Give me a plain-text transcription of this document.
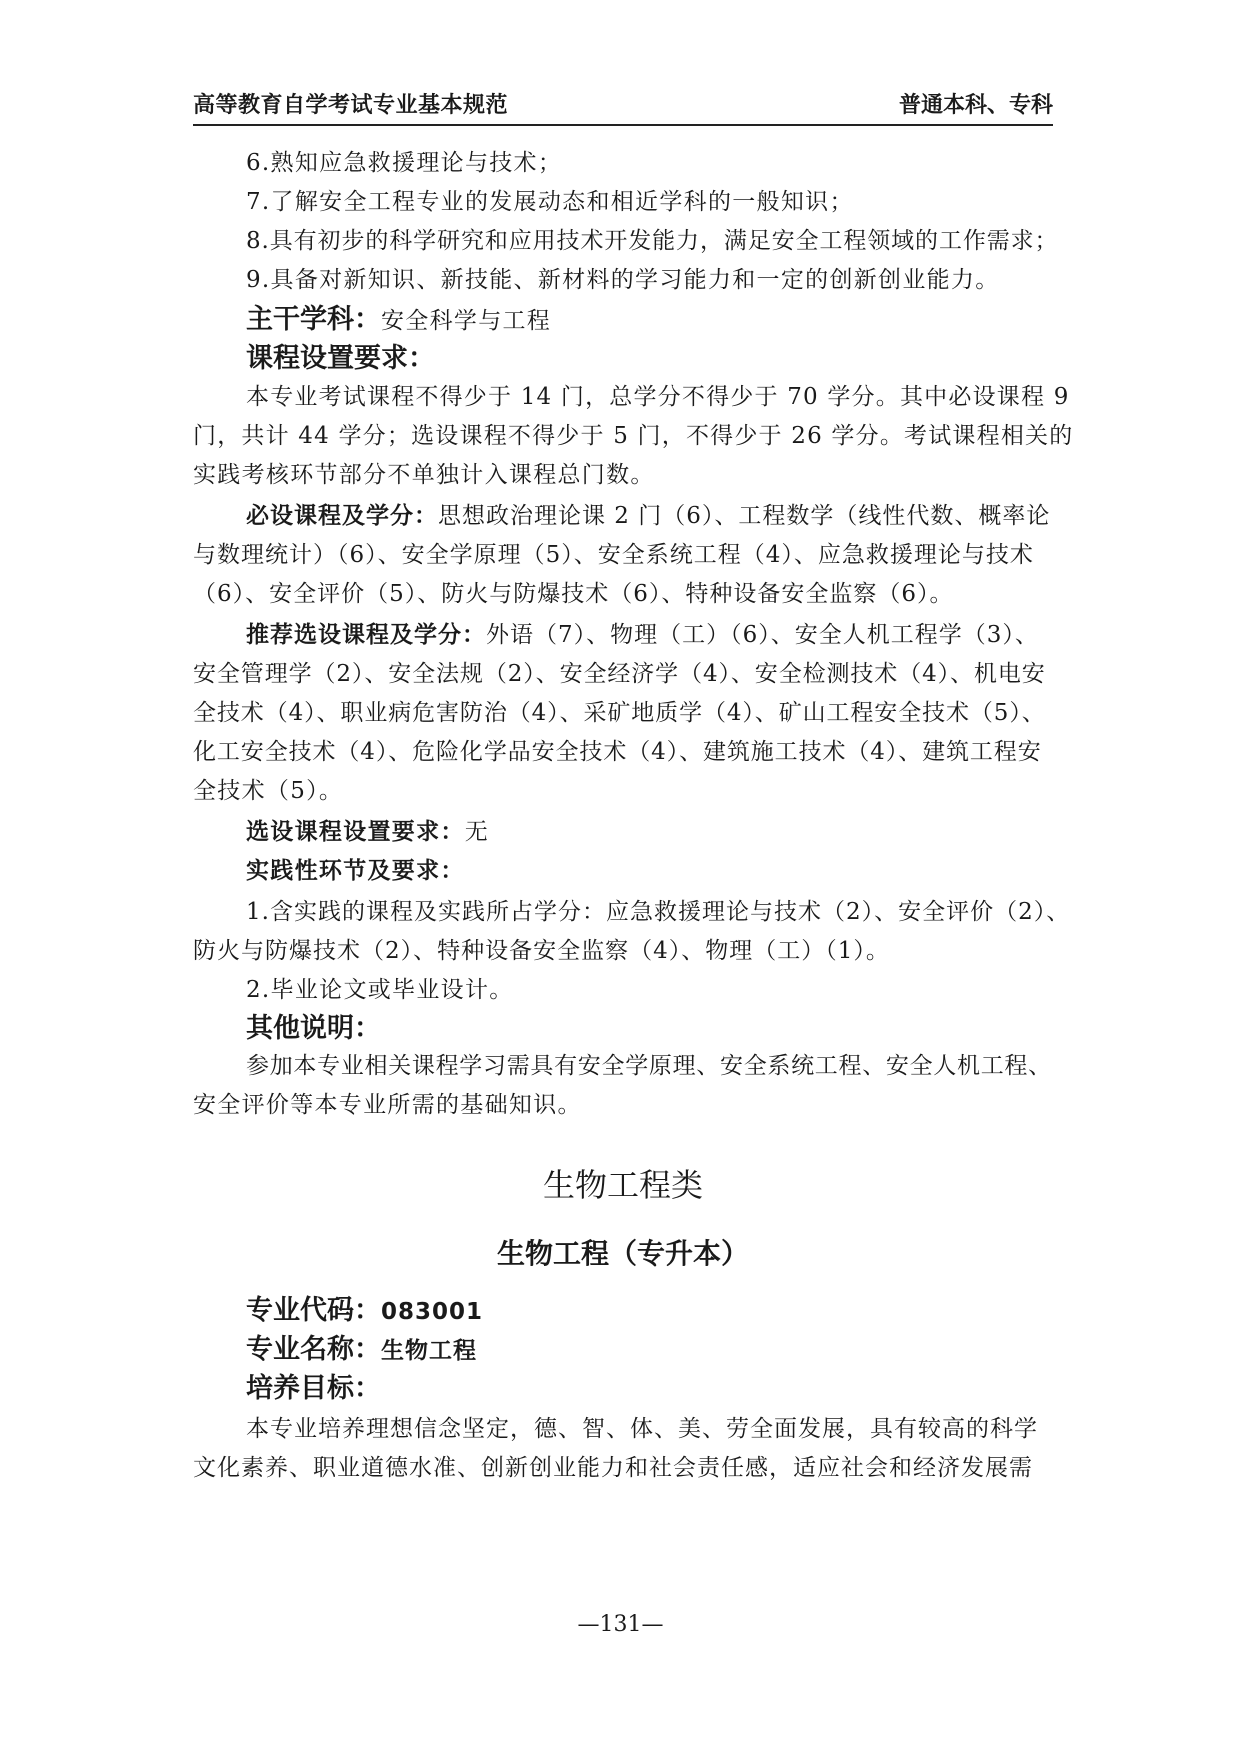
高等教育自学考试专业基本规范	普通本科、专科
6.熟知应急救援理论与技术；
7.了解安全工程专业的发展动态和相近学科的一般知识；
8.具有初步的科学研究和应用技术开发能力，满足安全工程领域的工作需求；
9.具备对新知识、新技能、新材料的学习能力和一定的创新创业能力。
主干学科：安全科学与工程
课程设置要求：
本专业考试课程不得少于 14 门，总学分不得少于 70 学分。其中必设课程 9
门，共计 44 学分；选设课程不得少于 5 门，不得少于 26 学分。考试课程相关的
实践考核环节部分不单独计入课程总门数。
必设课程及学分：思想政治理论课 2 门（6）、工程数学（线性代数、概率论
与数理统计）（6）、安全学原理（5）、安全系统工程（4）、应急救援理论与技术
（6）、安全评价（5）、防火与防爆技术（6）、特种设备安全监察（6）。
推荐选设课程及学分：外语（7）、物理（工）（6）、安全人机工程学（3）、
安全管理学（2）、安全法规（2）、安全经济学（4）、安全检测技术（4）、机电安
全技术（4）、职业病危害防治（4）、采矿地质学（4）、矿山工程安全技术（5）、
化工安全技术（4）、危险化学品安全技术（4）、建筑施工技术（4）、建筑工程安
全技术（5）。
选设课程设置要求：无
实践性环节及要求：
1.含实践的课程及实践所占学分：应急救援理论与技术（2）、安全评价（2）、
防火与防爆技术（2）、特种设备安全监察（4）、物理（工）（1）。
2.毕业论文或毕业设计。
其他说明：
参加本专业相关课程学习需具有安全学原理、安全系统工程、安全人机工程、
安全评价等本专业所需的基础知识。
生物工程类
生物工程（专升本）
专业代码：083001
专业名称：生物工程
培养目标：
本专业培养理想信念坚定，德、智、体、美、劳全面发展，具有较高的科学
文化素养、职业道德水准、创新创业能力和社会责任感，适应社会和经济发展需
—131—
